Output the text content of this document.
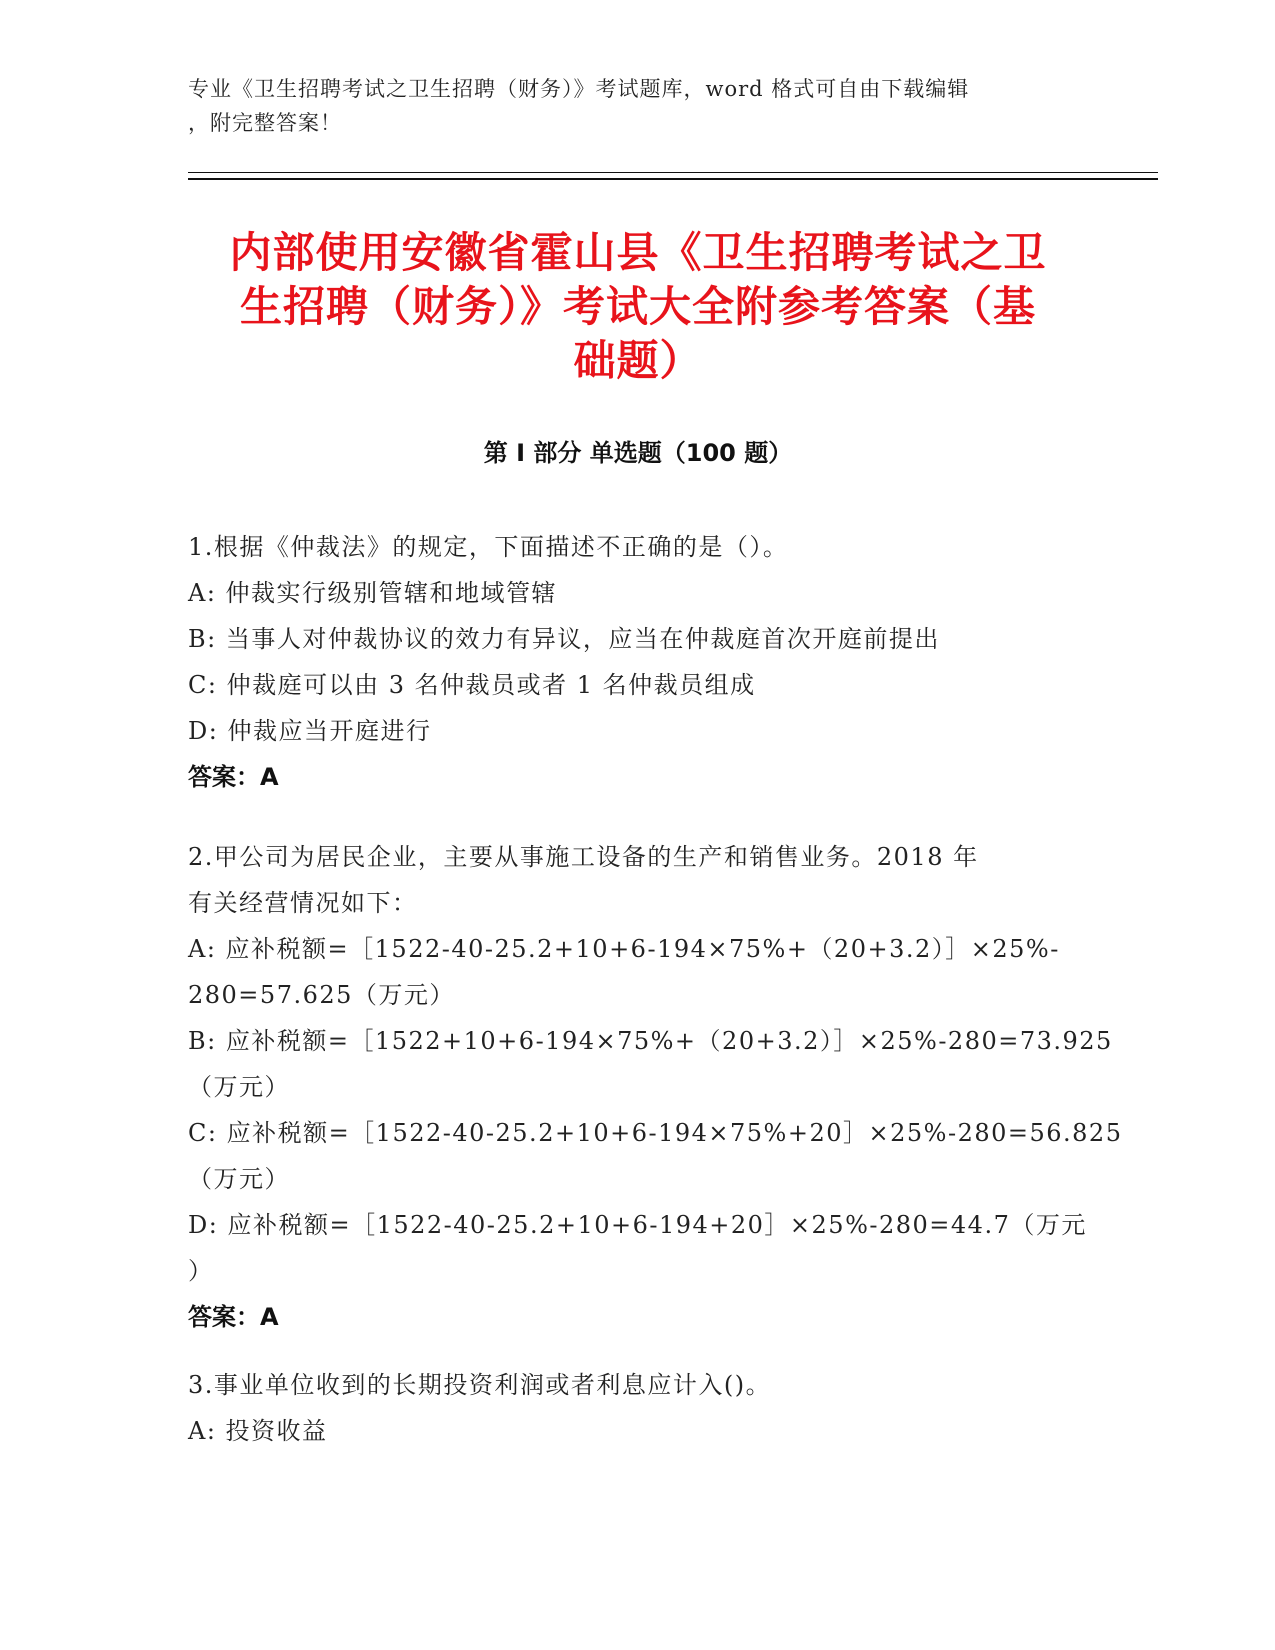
专业《卫生招聘考试之卫生招聘（财务）》考试题库，word 格式可自由下载编辑
，附完整答案！
内部使用安徽省霍山县《卫生招聘考试之卫
生招聘（财务）》考试大全附参考答案（基
础题）
第 I 部分 单选题（100 题）
1.根据《仲裁法》的规定，下面描述不正确的是（）。
A: 仲裁实行级别管辖和地域管辖
B: 当事人对仲裁协议的效力有异议，应当在仲裁庭首次开庭前提出
C: 仲裁庭可以由 3 名仲裁员或者 1 名仲裁员组成
D: 仲裁应当开庭进行
答案：A
2.甲公司为居民企业，主要从事施工设备的生产和销售业务。2018 年
有关经营情况如下：
A: 应补税额=［1522-40-25.2+10+6-194×75%+（20+3.2）］×25%-
280=57.625（万元）
B: 应补税额=［1522+10+6-194×75%+（20+3.2）］×25%-280=73.925
（万元）
C: 应补税额=［1522-40-25.2+10+6-194×75%+20］×25%-280=56.825
（万元）
D: 应补税额=［1522-40-25.2+10+6-194+20］×25%-280=44.7（万元
）
答案：A
3.事业单位收到的长期投资利润或者利息应计入()。
A: 投资收益
